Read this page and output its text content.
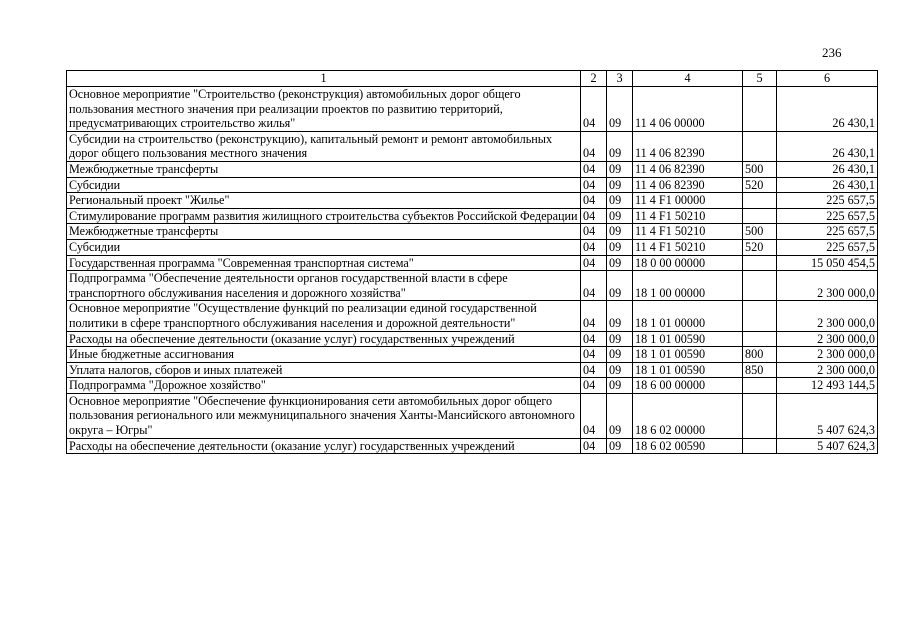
236
1	2	3	4	5	6
Основное мероприятие "Строительство (реконструкция) автомобильных дорог общего пользования местного значения при реализации проектов по развитию территорий, предусматривающих строительство жилья"	04	09	11 4 06 00000		26 430,1
Субсидии на строительство (реконструкцию), капитальный ремонт и ремонт автомобильных дорог общего пользования местного значения	04	09	11 4 06 82390		26 430,1
Межбюджетные трансферты	04	09	11 4 06 82390	500	26 430,1
Субсидии	04	09	11 4 06 82390	520	26 430,1
Региональный проект "Жилье"	04	09	11 4 F1 00000		225 657,5
Стимулирование программ развития жилищного строительства субъектов Российской Федерации	04	09	11 4 F1 50210		225 657,5
Межбюджетные трансферты	04	09	11 4 F1 50210	500	225 657,5
Субсидии	04	09	11 4 F1 50210	520	225 657,5
Государственная программа "Современная транспортная система"	04	09	18 0 00 00000		15 050 454,5
Подпрограмма "Обеспечение деятельности органов государственной власти в сфере транспортного обслуживания населения и дорожного хозяйства"	04	09	18 1 00 00000		2 300 000,0
Основное мероприятие "Осуществление функций по реализации единой государственной политики в сфере транспортного обслуживания населения и дорожной деятельности"	04	09	18 1 01 00000		2 300 000,0
Расходы на обеспечение деятельности (оказание услуг) государственных учреждений	04	09	18 1 01 00590		2 300 000,0
Иные бюджетные ассигнования	04	09	18 1 01 00590	800	2 300 000,0
Уплата налогов, сборов и иных платежей	04	09	18 1 01 00590	850	2 300 000,0
Подпрограмма "Дорожное хозяйство"	04	09	18 6 00 00000		12 493 144,5
Основное мероприятие "Обеспечение функционирования сети автомобильных дорог общего пользования регионального или межмуниципального значения Ханты-Мансийского автономного округа – Югры"	04	09	18 6 02 00000		5 407 624,3
Расходы на обеспечение деятельности (оказание услуг) государственных учреждений	04	09	18 6 02 00590		5 407 624,3
